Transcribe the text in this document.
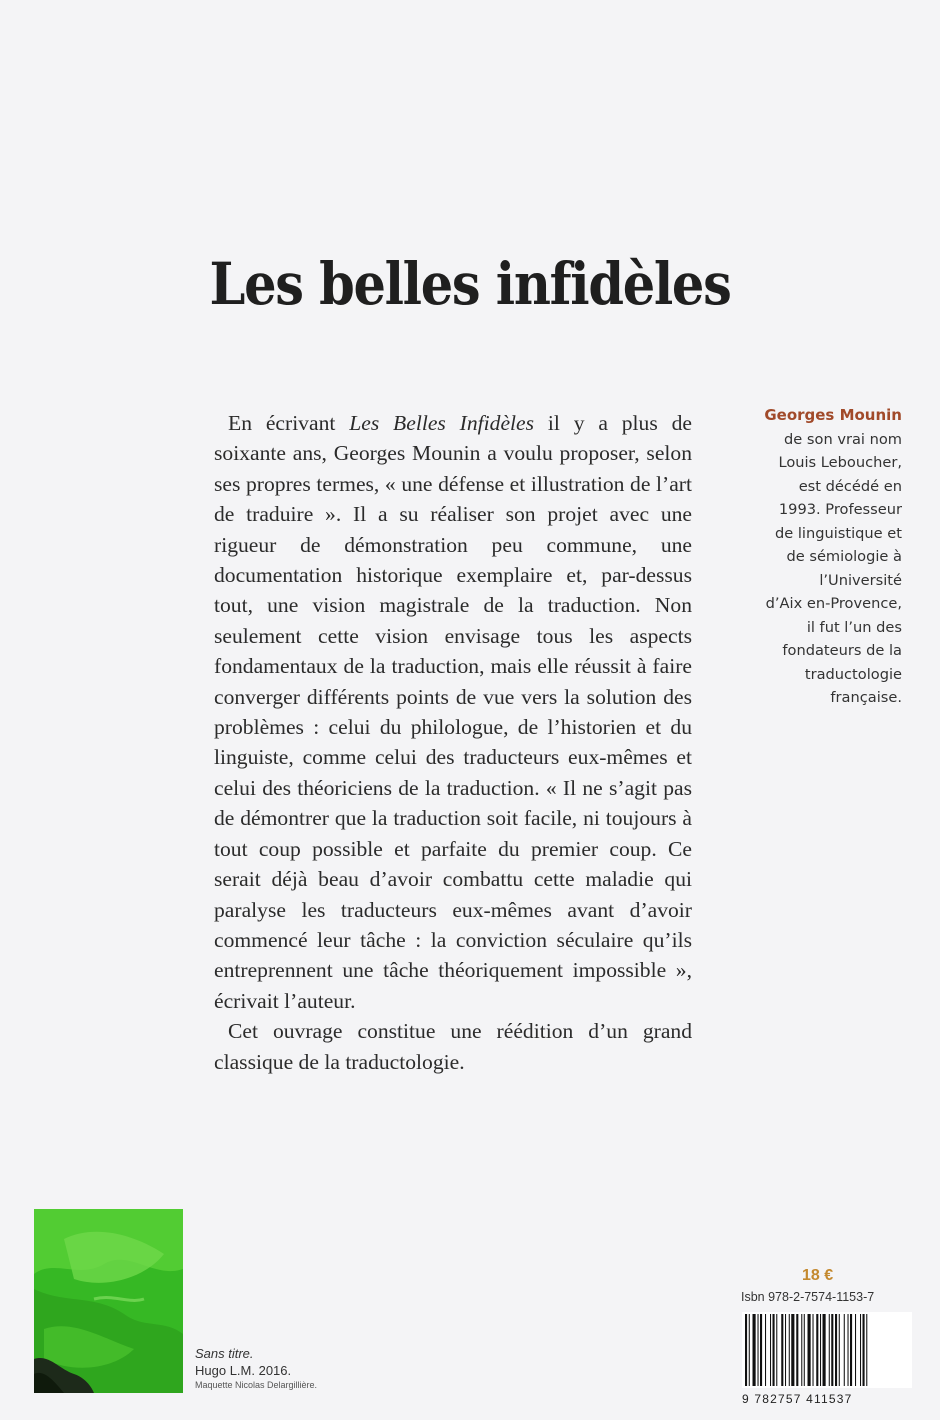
Les belles infidèles

En écrivant Les Belles Infidèles il y a plus de soixante ans, Georges Mounin a voulu proposer, selon ses propres termes, « une défense et illustration de l’art de traduire ». Il a su réaliser son projet avec une rigueur de démonstration peu commune, une documentation historique exemplaire et, par-dessus tout, une vision magistrale de la traduction. Non seulement cette vision envisage tous les aspects fondamentaux de la traduction, mais elle réussit à faire converger différents points de vue vers la solution des problèmes : celui du philologue, de l’historien et du linguiste, comme celui des traducteurs eux-mêmes et celui des théoriciens de la traduction. « Il ne s’agit pas de démontrer que la traduction soit facile, ni toujours à tout coup possible et parfaite du premier coup. Ce serait déjà beau d’avoir combattu cette maladie qui paralyse les traducteurs eux-mêmes avant d’avoir commencé leur tâche : la conviction séculaire qu’ils entreprennent une tâche théoriquement impossible », écrivait l’auteur.

Cet ouvrage constitue une réédition d’un grand classique de la traductologie.

Georges Mounin
de son vrai nom
Louis Leboucher,
est décédé en
1993. Professeur
de linguistique et
de sémiologie à
l’Université
d’Aix en-Provence,
il fut l’un des
fondateurs de la
traductologie
française.
Sans titre.
Hugo L.M. 2016.
Maquette Nicolas Delargillière.
18 €
Isbn 978-2-7574-1153-7
9 782757 411537
